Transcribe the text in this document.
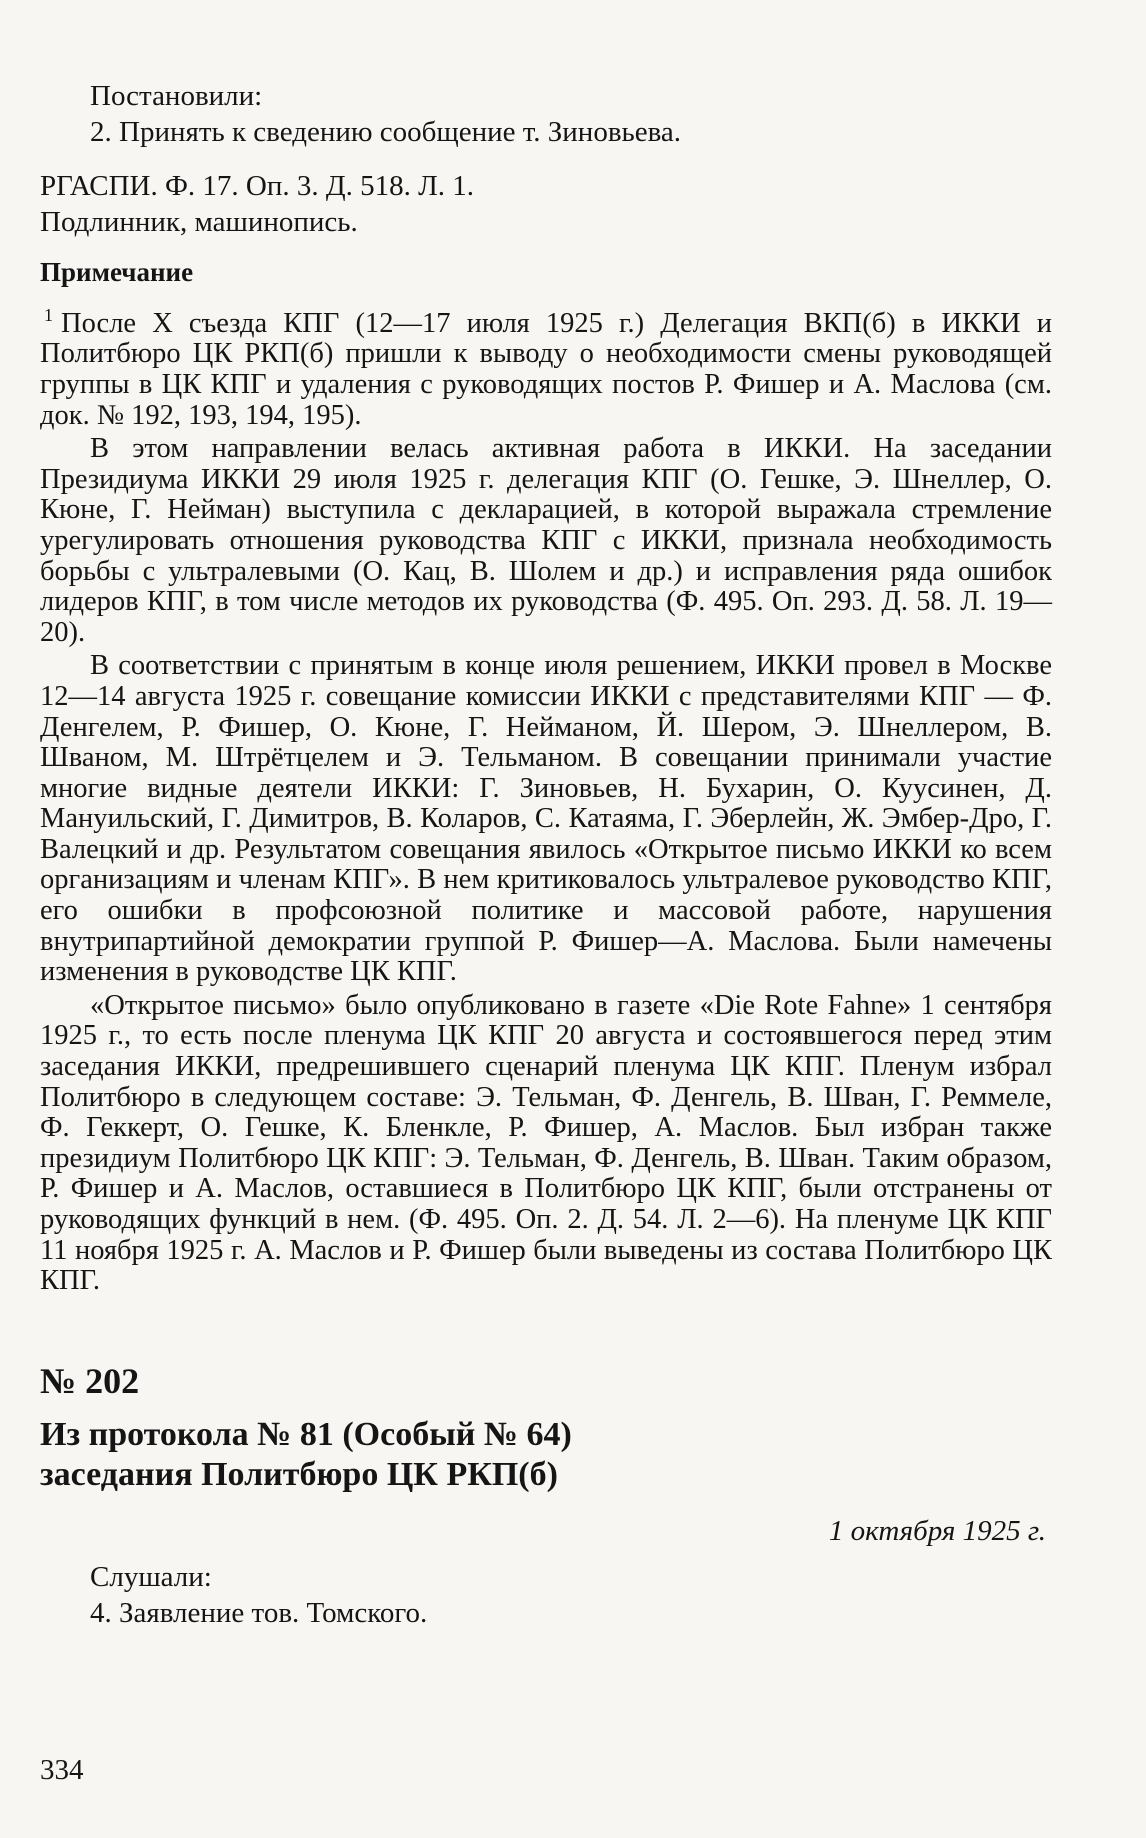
Постановили:
2. Принять к сведению сообщение т. Зиновьева.
РГАСПИ. Ф. 17. Оп. 3. Д. 518. Л. 1.
Подлинник, машинопись.
Примечание

$^1$ После X съезда КПГ (12—17 июля 1925 г.) Делегация ВКП(б) в ИККИ и Политбюро ЦК РКП(б) пришли к выводу о необходимости смены руководящей группы в ЦК КПГ и удаления с руководящих постов Р. Фишер и А. Маслова (см. док. № 192, 193, 194, 195).

В этом направлении велась активная работа в ИККИ. На заседании Президиума ИККИ 29 июля 1925 г. делегация КПГ (О. Гешке, Э. Шнеллер, О. Кюне, Г. Нейман) выступила с декларацией, в которой выражала стремление урегулировать отношения руководства КПГ с ИККИ, признала необходимость борьбы с ультралевыми (О. Кац, В. Шолем и др.) и исправления ряда ошибок лидеров КПГ, в том числе методов их руководства (Ф. 495. Оп. 293. Д. 58. Л. 19—20).

В соответствии с принятым в конце июля решением, ИККИ провел в Москве 12—14 августа 1925 г. совещание комиссии ИККИ с представителями КПГ — Ф. Денгелем, Р. Фишер, О. Кюне, Г. Нейманом, Й. Шером, Э. Шнеллером, В. Шваном, М. Штрётцелем и Э. Тельманом. В совещании принимали участие многие видные деятели ИККИ: Г. Зиновьев, Н. Бухарин, О. Куусинен, Д. Мануильский, Г. Димитров, В. Коларов, С. Катаяма, Г. Эберлейн, Ж. Эмбер-Дро, Г. Валецкий и др. Результатом совещания явилось «Открытое письмо ИККИ ко всем организациям и членам КПГ». В нем критиковалось ультралевое руководство КПГ, его ошибки в профсоюзной политике и массовой работе, нарушения внутрипартийной демократии группой Р. Фишер—А. Маслова. Были намечены изменения в руководстве ЦК КПГ.

«Открытое письмо» было опубликовано в газете «Die Rote Fahne» 1 сентября 1925 г., то есть после пленума ЦК КПГ 20 августа и состоявшегося перед этим заседания ИККИ, предрешившего сценарий пленума ЦК КПГ. Пленум избрал Политбюро в следующем составе: Э. Тельман, Ф. Денгель, В. Шван, Г. Реммеле, Ф. Геккерт, О. Гешке, К. Бленкле, Р. Фишер, А. Маслов. Был избран также президиум Политбюро ЦК КПГ: Э. Тельман, Ф. Денгель, В. Шван. Таким образом, Р. Фишер и А. Маслов, оставшиеся в Политбюро ЦК КПГ, были отстранены от руководящих функций в нем. (Ф. 495. Оп. 2. Д. 54. Л. 2—6). На пленуме ЦК КПГ 11 ноября 1925 г. А. Маслов и Р. Фишер были выведены из состава Политбюро ЦК КПГ.

№ 202
Из протокола № 81 (Особый № 64)
заседания Политбюро ЦК РКП(б)
1 октября 1925 г.
Слушали:
4. Заявление тов. Томского.
334
